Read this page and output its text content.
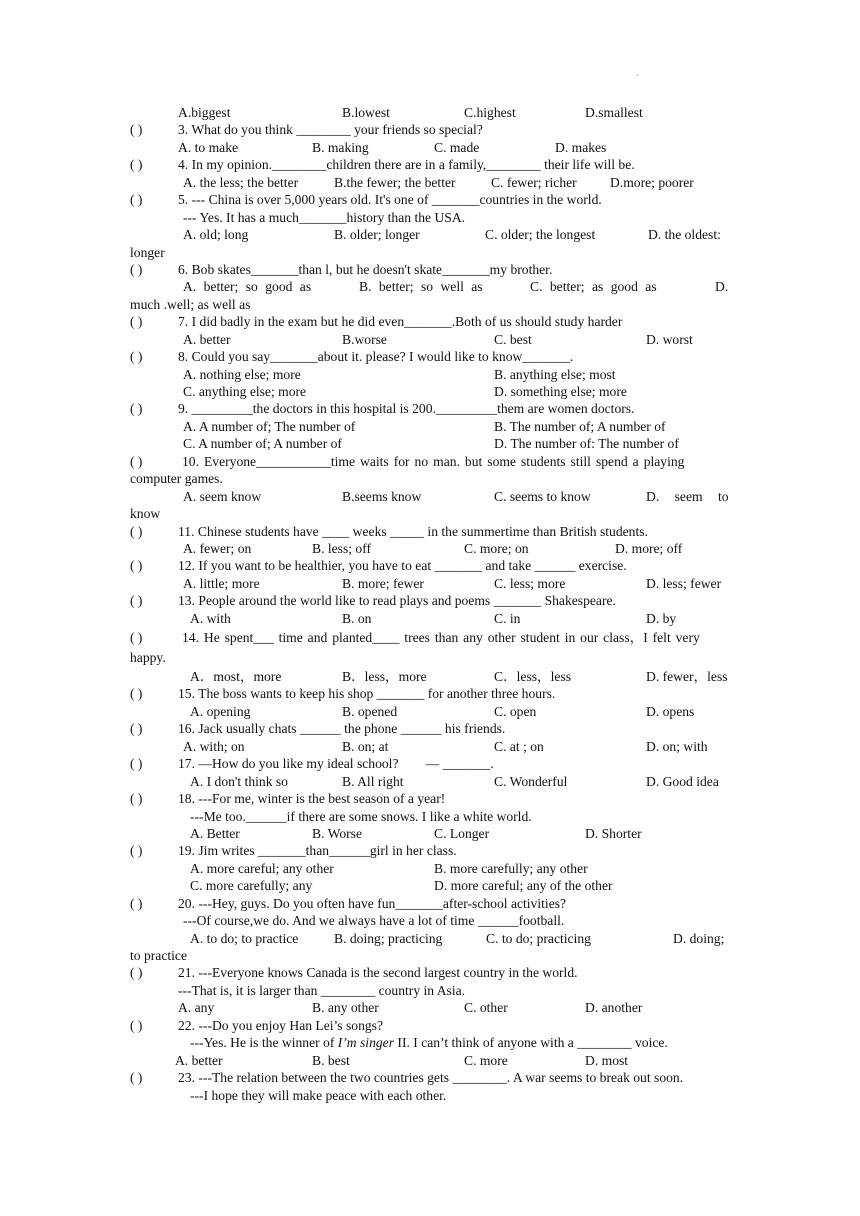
.
A.biggest	B.lowest	C.highest	D.smallest
( )	3. What do you think ________ your friends so special?
A. to make	B. making	C. made	D. makes
( )	4. In my opinion.________children there are in a family,________ their life will be.
A. the less; the better	B.the fewer; the better	C. fewer; richer D.more; poorer
( )	5. --- China is over 5,000 years old. It's one of _______countries in the world.
--- Yes. It has a much_______history than the USA.
A. old; long	B. older; longer	C. older; the longest	D. the oldest:
longer
( )	6. Bob skates_______than l, but he doesn't skate_______my brother.
A. better; so good as	B. better; so well as	C. better; as good as	D.
much .well; as well as
( )	7. I did badly in the exam but he did even_______.Both of us should study harder
A. better	B.worse	C. best	D. worst
( )	8. Could you say_______about it. please? I would like to know_______.
A. nothing else; more	B. anything else; most
C. anything else; more	D. something else; more
( )	9. _________the doctors in this hospital is 200._________them are women doctors.
A. A number of; The number of	B. The number of; A number of
C. A number of; A number of	D. The number of: The number of
( )	10. Everyone___________time waits for no man. but some students still spend a playing
computer games.
A. seem know	B.seems know	C. seems to know	D. seem to
know
( )	11. Chinese students have ____ weeks _____ in the summertime than British students.
A. fewer; on	B. less; off	C. more; on	D. more; off
( )	12. If you want to be healthier, you have to eat _______ and take ______ exercise.
A. little; more	B. more; fewer	C. less; more	D. less; fewer
( )	13. People around the world like to read plays and poems _______ Shakespeare.
A. with	B. on	C. in	D. by
( )	14. He spent___ time and planted____ trees than any other student in our class，I felt very
happy.
A．most，more	B．less，more	C．less，less	D. fewer，less
( )	15. The boss wants to keep his shop _______ for another three hours.
A. opening	B. opened	C. open	D. opens
( )	16. Jack usually chats ______ the phone ______ his friends.
A. with; on	B. on; at	C. at ; on	D. on; with
( )	17. —How do you like my ideal school?        — _______.
A. I don't think so	B. All right	C. Wonderful	D. Good idea
( )	18. ---For me, winter is the best season of a year!
---Me too.______if there are some snows. I like a white world.
A. Better	B. Worse	C. Longer	D. Shorter
( )	19. Jim writes _______than______girl in her class.
A. more careful; any other	B. more carefully; any other
C. more carefully; any	D. more careful; any of the other
( )	20. ---Hey, guys. Do you often have fun_______after-school activities?
---Of course,we do. And we always have a lot of time ______football.
A. to do; to practice	B. doing; practicing	C. to do; practicing	D. doing;
to practice
( )	21. ---Everyone knows Canada is the second largest country in the world.
---That is, it is larger than ________ country in Asia.
A. any	B. any other	C. other	D. another
( )	22. ---Do you enjoy Han Lei’s songs?
---Yes. He is the winner of I’m singer II. I can’t think of anyone with a ________ voice.
A. better	B. best	C. more	D. most
( )	23. ---The relation between the two countries gets ________. A war seems to break out soon.
---I hope they will make peace with each other.
